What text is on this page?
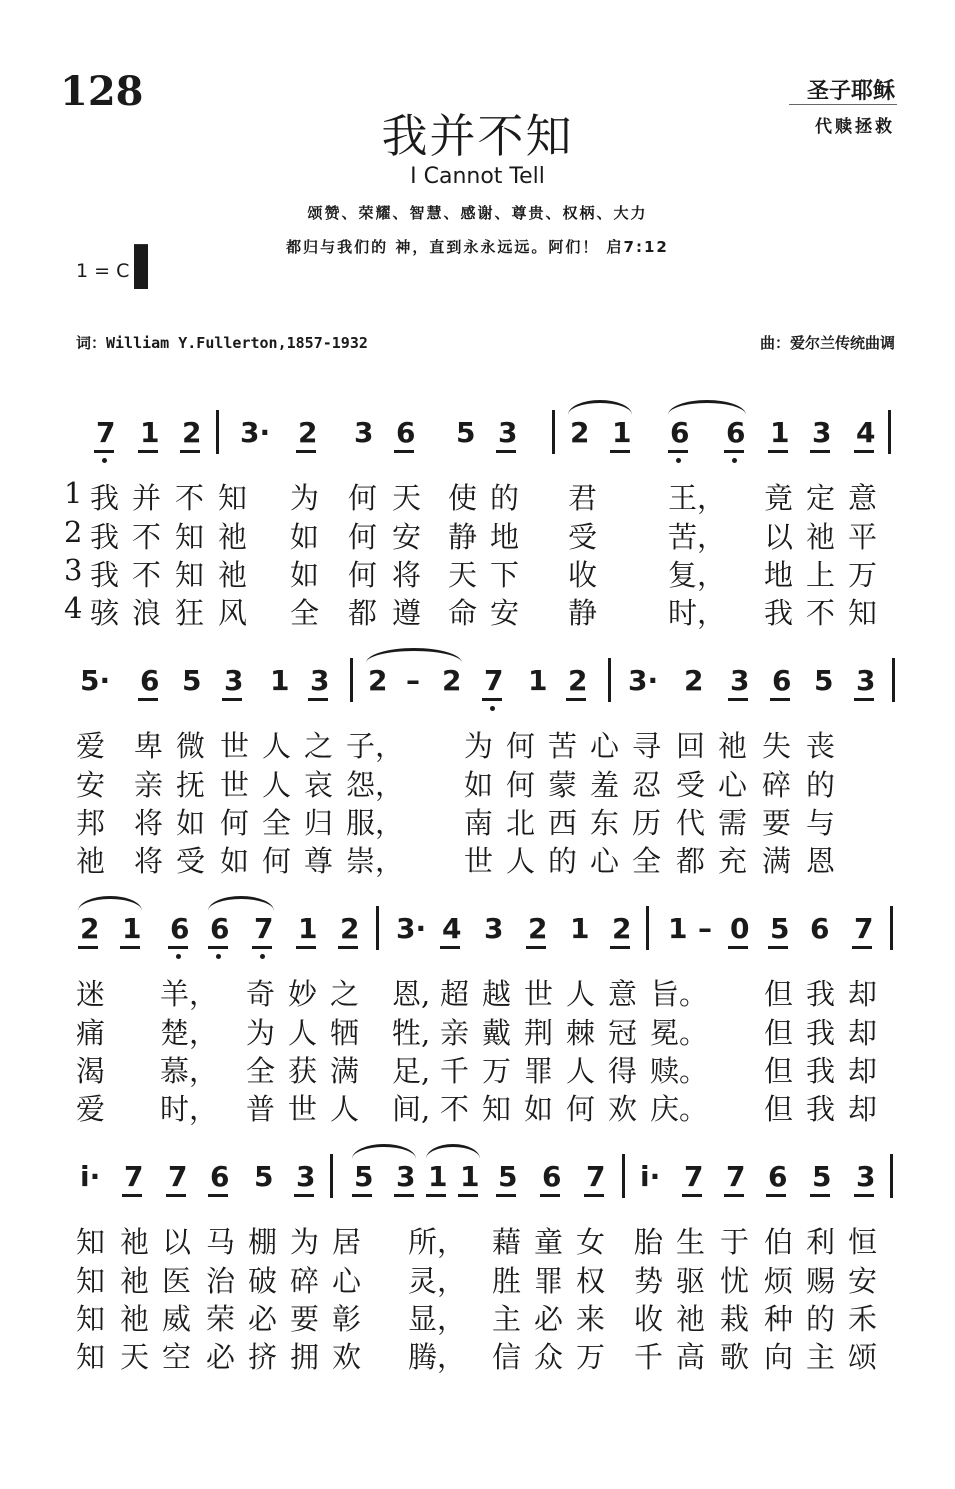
128
我并不知
I Cannot Tell
圣子耶稣
代赎拯救
颂赞、荣耀、智慧、感谢、尊贵、权柄、大力
都归与我们的 神，直到永永远远。阿们！ 启7:12
1 = C
词：William Y.Fullerton,1857-1932	曲：爱尔兰传统曲调
7 1 2 3· 2 3 6 5 3 2 1 6 6 1 3 4
1 我 并 不 知 为 何 天 使 的 君 王， 竟 定 意
2 我 不 知 祂 如 何 安 静 地 受 苦， 以 祂 平
3 我 不 知 祂 如 何 将 天 下 收 复， 地 上 万
4 骇 浪 狂 风 全 都 遵 命 安 静 时， 我 不 知
5· 6 5 3 1 3 2 – 2 7 1 2 3· 2 3 6 5 3
爱 卑 微 世 人 之 子， 为 何 苦 心 寻 回 祂 失 丧
安 亲 抚 世 人 哀 怨， 如 何 蒙 羞 忍 受 心 碎 的
邦 将 如 何 全 归 服， 南 北 西 东 历 代 需 要 与
祂 将 受 如 何 尊 崇， 世 人 的 心 全 都 充 满 恩
2 1 6 6 7 1 2 3· 4 3 2 1 2 1 – 0 5 6 7
迷 羊， 奇 妙 之 恩, 超 越 世 人 意 旨。 但 我 却
痛 楚， 为 人 牺 牲, 亲 戴 荆 棘 冠 冕。 但 我 却
渴 慕， 全 获 满 足, 千 万 罪 人 得 赎。 但 我 却
爱 时， 普 世 人 间, 不 知 如 何 欢 庆。 但 我 却
i· 7 7 6 5 3 5 3 1 1 5 6 7 i· 7 7 6 5 3
知 祂 以 马 棚 为 居 所， 藉 童 女 胎 生 于 伯 利 恒
知 祂 医 治 破 碎 心 灵， 胜 罪 权 势 驱 忧 烦 赐 安
知 祂 威 荣 必 要 彰 显， 主 必 来 收 祂 栽 种 的 禾
知 天 空 必 挤 拥 欢 腾， 信 众 万 千 高 歌 向 主 颂
